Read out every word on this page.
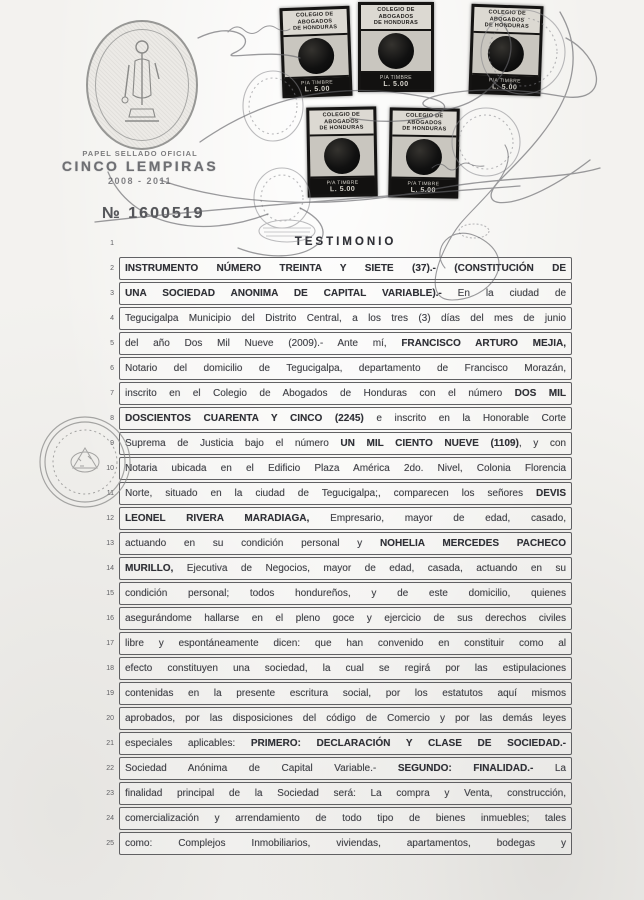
PAPEL SELLADO OFICIAL
CINCO LEMPIRAS
2008 - 2011
№ 1600519
COLEGIO DE
ABOGADOS
DE HONDURAS
P/A TIMBRE
L. 5.00
COLEGIO DE
ABOGADOS
DE HONDURAS
P/A TIMBRE
L. 5.00
COLEGIO DE
ABOGADOS
DE HONDURAS
P/A TIMBRE
L. 5.00
COLEGIO DE
ABOGADOS
DE HONDURAS
P/A TIMBRE
L. 5.00
COLEGIO DE
ABOGADOS
DE HONDURAS
P/A TIMBRE
L. 5.00
1	TESTIMONIO
2	INSTRUMENTO NÚMERO TREINTA Y SIETE (37).- (CONSTITUCIÓN DE
3	UNA SOCIEDAD ANONIMA DE CAPITAL VARIABLE).- En la ciudad de
4	Tegucigalpa Municipio del Distrito Central, a los tres (3) días del mes de junio
5	del año Dos Mil Nueve (2009).- Ante mí, FRANCISCO ARTURO MEJIA,
6	Notario del domicilio de Tegucigalpa, departamento de Francisco Morazán,
7	inscrito en el Colegio de Abogados de Honduras con el número DOS MIL
8	DOSCIENTOS CUARENTA Y CINCO (2245) e inscrito en la Honorable Corte
9	Suprema de Justicia bajo el número UN MIL CIENTO NUEVE (1109), y con
10	Notaria ubicada en el Edificio Plaza América 2do. Nivel, Colonia Florencia
11	Norte, situado en la ciudad de Tegucigalpa;, comparecen los señores DEVIS
12	LEONEL RIVERA MARADIAGA, Empresario, mayor de edad, casado,
13	actuando en su condición personal y NOHELIA MERCEDES PACHECO
14	MURILLO, Ejecutiva de Negocios, mayor de edad, casada, actuando en su
15	condición personal; todos hondureños, y de este domicilio, quienes
16	asegurándome hallarse en el pleno goce y ejercicio de sus derechos civiles
17	libre y espontáneamente dicen: que han convenido en constituir como al
18	efecto constituyen una sociedad, la cual se regirá por las estipulaciones
19	contenidas en la presente escritura social, por los estatutos aquí mismos
20	aprobados, por las disposiciones del código de Comercio y por las demás leyes
21	especiales aplicables: PRIMERO: DECLARACIÓN Y CLASE DE SOCIEDAD.-
22	Sociedad Anónima de Capital Variable.- SEGUNDO: FINALIDAD.- La
23	finalidad principal de la Sociedad será: La compra y Venta, construcción,
24	comercialización y arrendamiento de todo tipo de bienes inmuebles; tales
25	como: Complejos Inmobiliarios, viviendas, apartamentos, bodegas y
